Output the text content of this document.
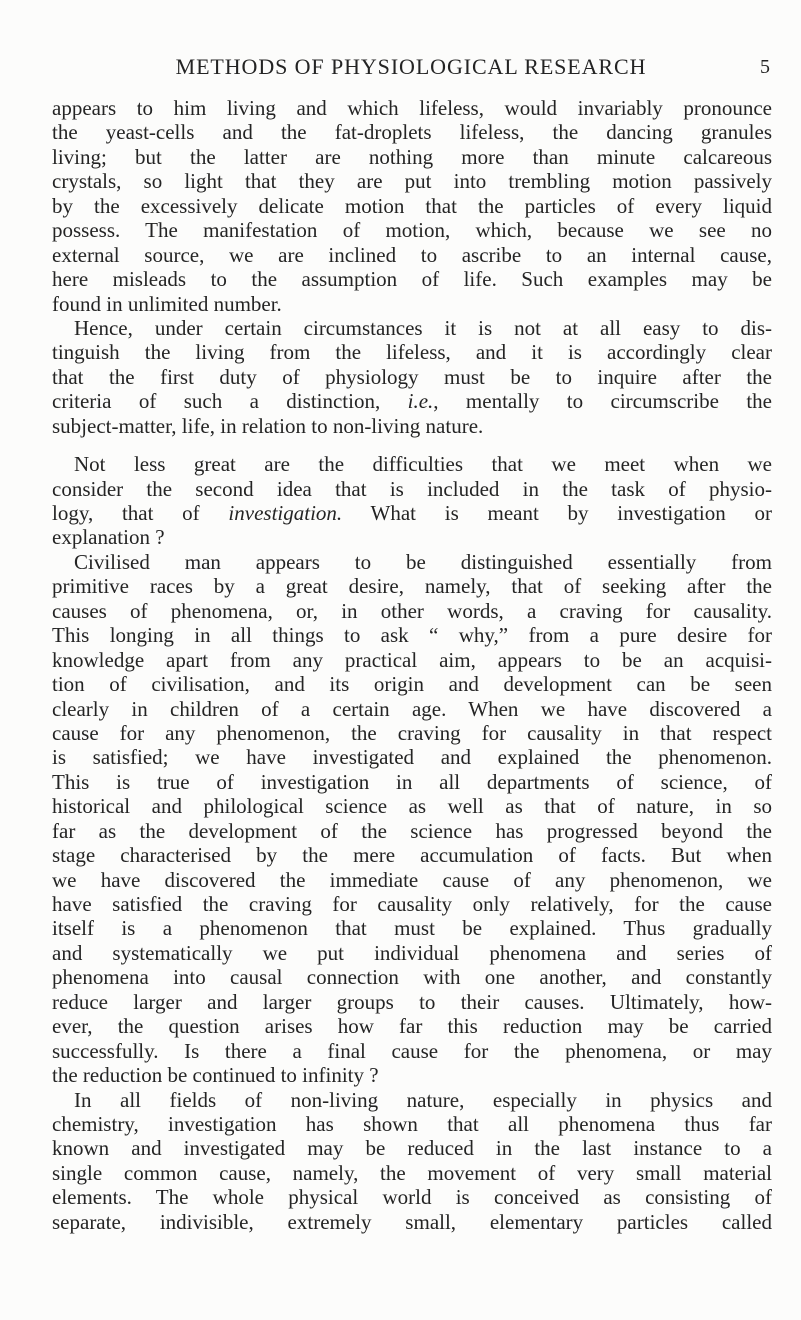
METHODS OF PHYSIOLOGICAL RESEARCH	5
appears to him living and which lifeless, would invariably pronounce
the yeast-cells and the fat-droplets lifeless, the dancing granules
living; but the latter are nothing more than minute calcareous
crystals, so light that they are put into trembling motion passively
by the excessively delicate motion that the particles of every liquid
possess. The manifestation of motion, which, because we see no
external source, we are inclined to ascribe to an internal cause,
here misleads to the assumption of life. Such examples may be
found in unlimited number.
Hence, under certain circumstances it is not at all easy to dis-
tinguish the living from the lifeless, and it is accordingly clear
that the first duty of physiology must be to inquire after the
criteria of such a distinction, i.e., mentally to circumscribe the
subject-matter, life, in relation to non-living nature.
Not less great are the difficulties that we meet when we
consider the second idea that is included in the task of physio-
logy, that of investigation. What is meant by investigation or
explanation ?
Civilised man appears to be distinguished essentially from
primitive races by a great desire, namely, that of seeking after the
causes of phenomena, or, in other words, a craving for causality.
This longing in all things to ask “ why,” from a pure desire for
knowledge apart from any practical aim, appears to be an acquisi-
tion of civilisation, and its origin and development can be seen
clearly in children of a certain age. When we have discovered a
cause for any phenomenon, the craving for causality in that respect
is satisfied; we have investigated and explained the phenomenon.
This is true of investigation in all departments of science, of
historical and philological science as well as that of nature, in so
far as the development of the science has progressed beyond the
stage characterised by the mere accumulation of facts. But when
we have discovered the immediate cause of any phenomenon, we
have satisfied the craving for causality only relatively, for the cause
itself is a phenomenon that must be explained. Thus gradually
and systematically we put individual phenomena and series of
phenomena into causal connection with one another, and constantly
reduce larger and larger groups to their causes. Ultimately, how-
ever, the question arises how far this reduction may be carried
successfully. Is there a final cause for the phenomena, or may
the reduction be continued to infinity ?
In all fields of non-living nature, especially in physics and
chemistry, investigation has shown that all phenomena thus far
known and investigated may be reduced in the last instance to a
single common cause, namely, the movement of very small material
elements. The whole physical world is conceived as consisting of
separate, indivisible, extremely small, elementary particles called
